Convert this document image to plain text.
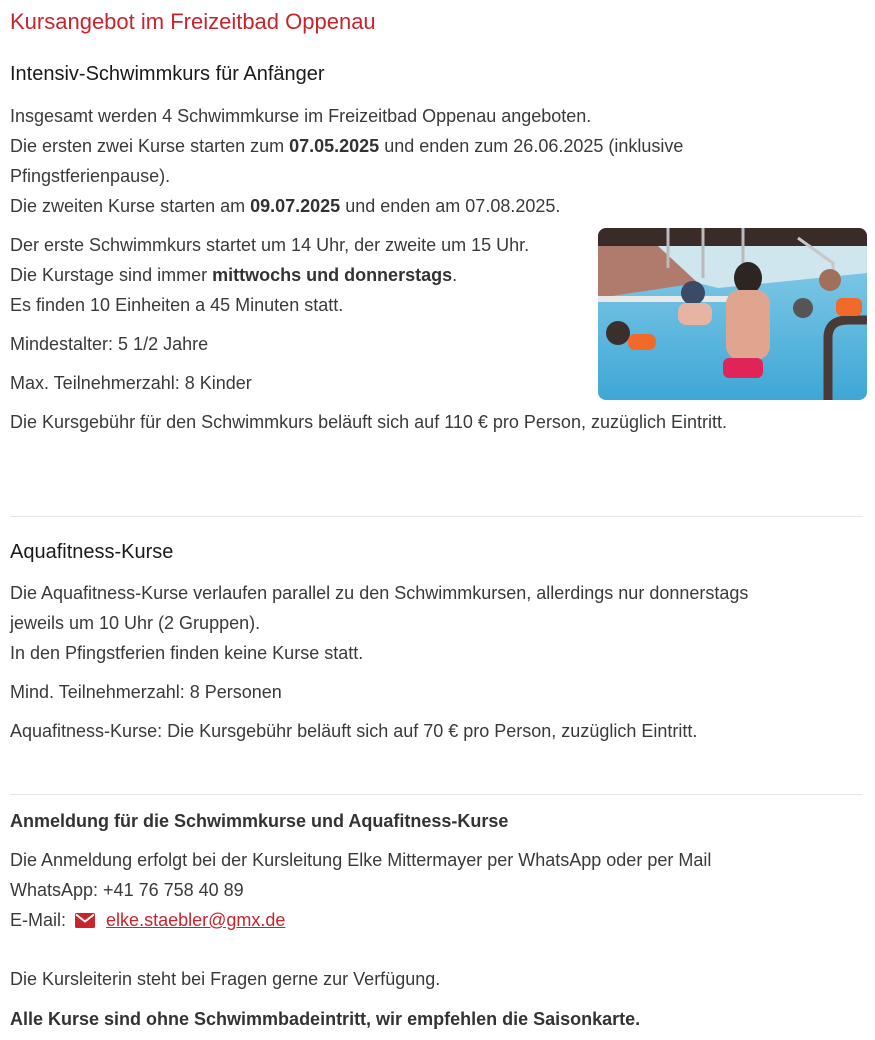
Kursangebot im Freizeitbad Oppenau
Intensiv-Schwimmkurs für Anfänger
Insgesamt werden 4 Schwimmkurse im Freizeitbad Oppenau angeboten.
Die ersten zwei Kurse starten zum 07.05.2025 und enden zum 26.06.2025 (inklusive
Pfingstferienpause).
Die zweiten Kurse starten am 09.07.2025 und enden am 07.08.2025.
Der erste Schwimmkurs startet um 14 Uhr, der zweite um 15 Uhr.
Die Kurstage sind immer mittwochs und donnerstags.
Es finden 10 Einheiten a 45 Minuten statt.
Mindestalter: 5 1/2 Jahre
Max. Teilnehmerzahl: 8 Kinder
Die Kursgebühr für den Schwimmkurs beläuft sich auf 110 € pro Person, zuzüglich Eintritt.
Aquafitness-Kurse
Die Aquafitness-Kurse verlaufen parallel zu den Schwimmkursen, allerdings nur donnerstags
jeweils um 10 Uhr (2 Gruppen).
In den Pfingstferien finden keine Kurse statt.
Mind. Teilnehmerzahl: 8 Personen
Aquafitness-Kurse: Die Kursgebühr beläuft sich auf 70 € pro Person, zuzüglich Eintritt.
Anmeldung für die Schwimmkurse und Aquafitness-Kurse
Die Anmeldung erfolgt bei der Kursleitung Elke Mittermayer per WhatsApp oder per Mail
WhatsApp: +41 76 758 40 89
E-Mail: elke.staebler@gmx.de
Die Kursleiterin steht bei Fragen gerne zur Verfügung.
Alle Kurse sind ohne Schwimmbadeintritt, wir empfehlen die Saisonkarte.
